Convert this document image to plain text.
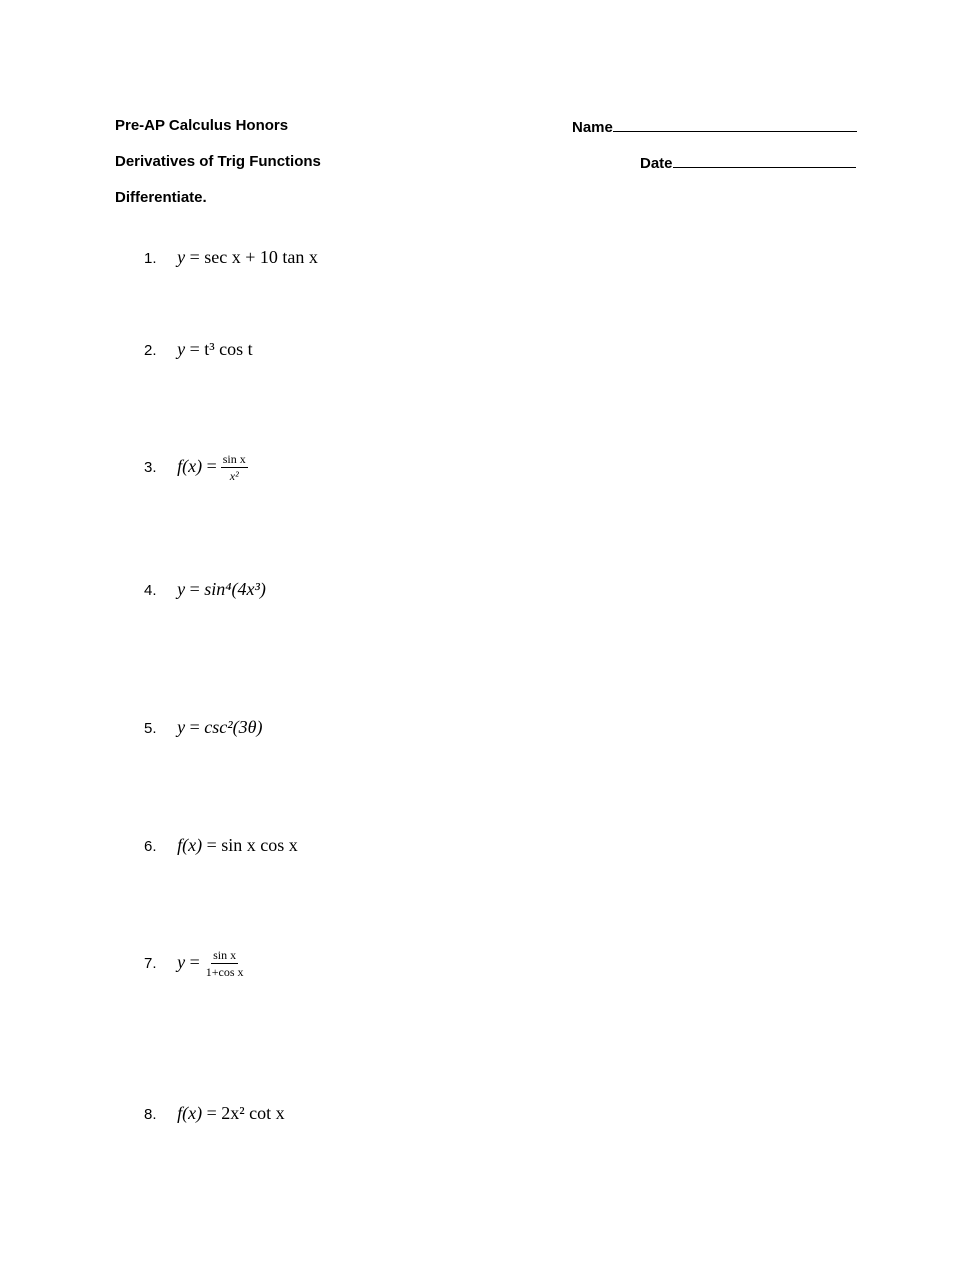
Pre-AP Calculus Honors
Derivatives of Trig Functions
Differentiate.
Name
Date
1. y = sec x + 10 tan x
2. y = t³ cos t
3. $f(x) = \frac{\text{sin x}}{\text{x²}}$
4. y = sin⁴(4x³)
5. y = csc²(3θ)
6. f(x) = sin x cos x
7. $y = \frac{\text{sin x}}{\text{1+cos x}}$
8. f(x) = 2x² cot x
